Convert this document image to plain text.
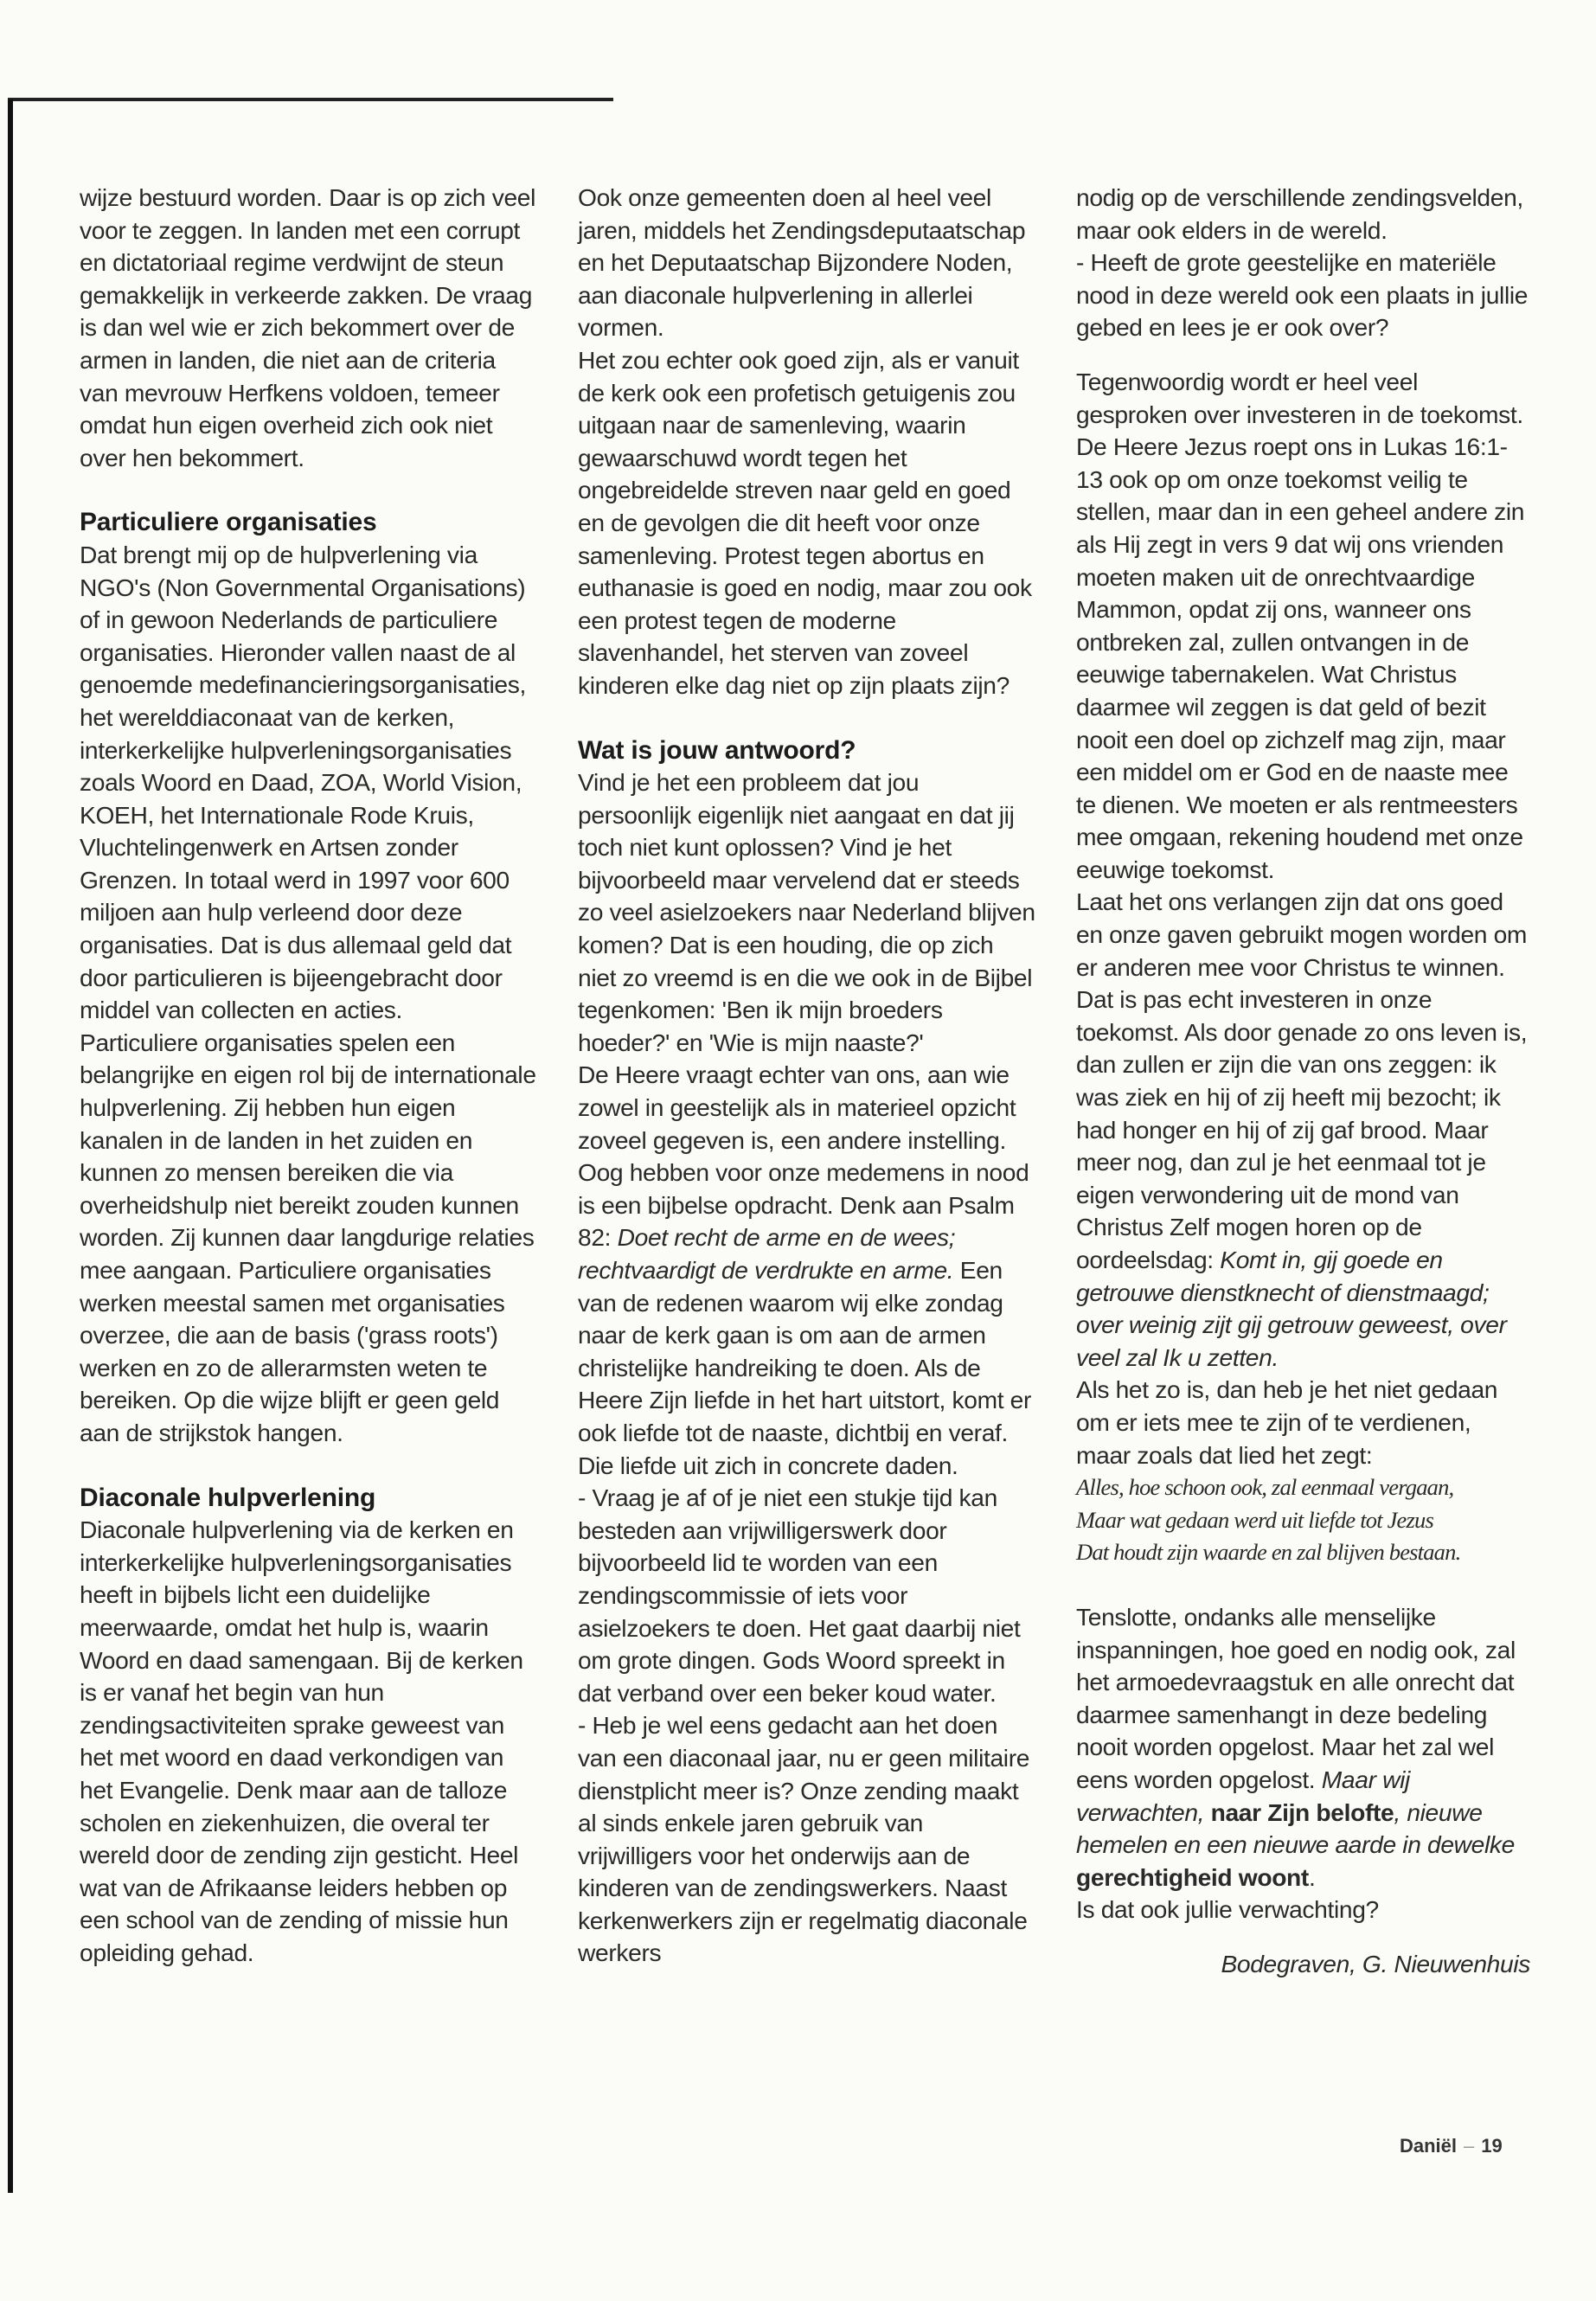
wijze bestuurd worden. Daar is op zich veel voor te zeggen. In landen met een corrupt en dictatoriaal regime verdwijnt de steun gemakkelijk in verkeerde zakken. De vraag is dan wel wie er zich bekommert over de armen in landen, die niet aan de criteria van mevrouw Herfkens voldoen, temeer omdat hun eigen overheid zich ook niet over hen bekommert.

Particuliere organisaties

Dat brengt mij op de hulpverlening via NGO's (Non Governmental Organisations) of in gewoon Nederlands de particuliere organisaties. Hieronder vallen naast de al genoemde medefinancieringsorganisaties, het werelddiaconaat van de kerken, interkerkelijke hulpverleningsorganisaties zoals Woord en Daad, ZOA, World Vision, KOEH, het Internationale Rode Kruis, Vluchtelingenwerk en Artsen zonder Grenzen. In totaal werd in 1997 voor 600 miljoen aan hulp verleend door deze organisaties. Dat is dus allemaal geld dat door particulieren is bijeengebracht door middel van collecten en acties.

Particuliere organisaties spelen een belangrijke en eigen rol bij de internationale hulpverlening. Zij hebben hun eigen kanalen in de landen in het zuiden en kunnen zo mensen bereiken die via overheidshulp niet bereikt zouden kunnen worden. Zij kunnen daar langdurige relaties mee aangaan. Particuliere organisaties werken meestal samen met organisaties overzee, die aan de basis ('grass roots') werken en zo de allerarmsten weten te bereiken. Op die wijze blijft er geen geld aan de strijkstok hangen.

Diaconale hulpverlening

Diaconale hulpverlening via de kerken en interkerkelijke hulpverleningsorganisaties heeft in bijbels licht een duidelijke meerwaarde, omdat het hulp is, waarin Woord en daad samengaan. Bij de kerken is er vanaf het begin van hun zendingsactiviteiten sprake geweest van het met woord en daad verkondigen van het Evangelie. Denk maar aan de talloze scholen en ziekenhuizen, die overal ter wereld door de zending zijn gesticht. Heel wat van de Afrikaanse leiders hebben op een school van de zending of missie hun opleiding gehad.

Ook onze gemeenten doen al heel veel jaren, middels het Zendingsdeputaatschap en het Deputaatschap Bijzondere Noden, aan diaconale hulpverlening in allerlei vormen.

Het zou echter ook goed zijn, als er vanuit de kerk ook een profetisch getuigenis zou uitgaan naar de samenleving, waarin gewaarschuwd wordt tegen het ongebreidelde streven naar geld en goed en de gevolgen die dit heeft voor onze samenleving. Protest tegen abortus en euthanasie is goed en nodig, maar zou ook een protest tegen de moderne slavenhandel, het sterven van zoveel kinderen elke dag niet op zijn plaats zijn?

Wat is jouw antwoord?

Vind je het een probleem dat jou persoonlijk eigenlijk niet aangaat en dat jij toch niet kunt oplossen? Vind je het bijvoorbeeld maar vervelend dat er steeds zo veel asielzoekers naar Nederland blijven komen? Dat is een houding, die op zich niet zo vreemd is en die we ook in de Bijbel tegenkomen: 'Ben ik mijn broeders hoeder?' en 'Wie is mijn naaste?'

De Heere vraagt echter van ons, aan wie zowel in geestelijk als in materieel opzicht zoveel gegeven is, een andere instelling. Oog hebben voor onze medemens in nood is een bijbelse opdracht. Denk aan Psalm 82: Doet recht de arme en de wees; rechtvaardigt de verdrukte en arme. Een van de redenen waarom wij elke zondag naar de kerk gaan is om aan de armen christelijke handreiking te doen. Als de Heere Zijn liefde in het hart uitstort, komt er ook liefde tot de naaste, dichtbij en veraf. Die liefde uit zich in concrete daden.

- Vraag je af of je niet een stukje tijd kan besteden aan vrijwilligerswerk door bijvoorbeeld lid te worden van een zendingscommissie of iets voor asielzoekers te doen. Het gaat daarbij niet om grote dingen. Gods Woord spreekt in dat verband over een beker koud water.

- Heb je wel eens gedacht aan het doen van een diaconaal jaar, nu er geen militaire dienstplicht meer is? Onze zending maakt al sinds enkele jaren gebruik van vrijwilligers voor het onderwijs aan de kinderen van de zendingswerkers. Naast kerkenwerkers zijn er regelmatig diaconale werkers

nodig op de verschillende zendingsvelden, maar ook elders in de wereld.

- Heeft de grote geestelijke en materiële nood in deze wereld ook een plaats in jullie gebed en lees je er ook over?

Tegenwoordig wordt er heel veel gesproken over investeren in de toekomst.

De Heere Jezus roept ons in Lukas 16:1-13 ook op om onze toekomst veilig te stellen, maar dan in een geheel andere zin als Hij zegt in vers 9 dat wij ons vrienden moeten maken uit de onrechtvaardige Mammon, opdat zij ons, wanneer ons ontbreken zal, zullen ontvangen in de eeuwige tabernakelen. Wat Christus daarmee wil zeggen is dat geld of bezit nooit een doel op zichzelf mag zijn, maar een middel om er God en de naaste mee te dienen. We moeten er als rentmeesters mee omgaan, rekening houdend met onze eeuwige toekomst.

Laat het ons verlangen zijn dat ons goed en onze gaven gebruikt mogen worden om er anderen mee voor Christus te winnen. Dat is pas echt investeren in onze toekomst. Als door genade zo ons leven is, dan zullen er zijn die van ons zeggen: ik was ziek en hij of zij heeft mij bezocht; ik had honger en hij of zij gaf brood. Maar meer nog, dan zul je het eenmaal tot je eigen verwondering uit de mond van Christus Zelf mogen horen op de oordeelsdag: Komt in, gij goede en getrouwe dienstknecht of dienstmaagd; over weinig zijt gij getrouw geweest, over veel zal Ik u zetten.

Als het zo is, dan heb je het niet gedaan om er iets mee te zijn of te verdienen, maar zoals dat lied het zegt:

Alles, hoe schoon ook, zal eenmaal vergaan,

Maar wat gedaan werd uit liefde tot Jezus

Dat houdt zijn waarde en zal blijven bestaan.

Tenslotte, ondanks alle menselijke inspanningen, hoe goed en nodig ook, zal het armoedevraagstuk en alle onrecht dat daarmee samenhangt in deze bedeling nooit worden opgelost. Maar het zal wel eens worden opgelost. Maar wij verwachten, naar Zijn belofte, nieuwe hemelen en een nieuwe aarde in dewelke gerechtigheid woont.

Is dat ook jullie verwachting?

Bodegraven, G. Nieuwenhuis

Daniël – 19
